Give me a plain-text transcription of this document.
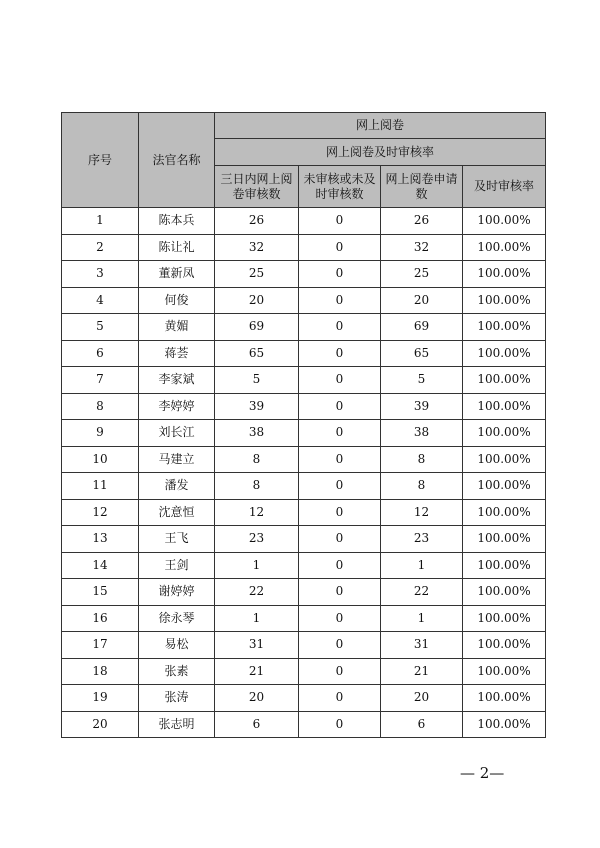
序号	法官名称	网上阅卷			
		网上阅卷及时审核率			
		三日内网上阅卷审核数	未审核或未及时审核数	网上阅卷申请数	及时审核率
1	陈本兵	26	0	26	100.00%
2	陈让礼	32	0	32	100.00%
3	董新凤	25	0	25	100.00%
4	何俊	20	0	20	100.00%
5	黄媚	69	0	69	100.00%
6	蒋荟	65	0	65	100.00%
7	李家斌	5	0	5	100.00%
8	李婷婷	39	0	39	100.00%
9	刘长江	38	0	38	100.00%
10	马建立	8	0	8	100.00%
11	潘发	8	0	8	100.00%
12	沈意恒	12	0	12	100.00%
13	王飞	23	0	23	100.00%
14	王剑	1	0	1	100.00%
15	谢婷婷	22	0	22	100.00%
16	徐永琴	1	0	1	100.00%
17	易松	31	0	31	100.00%
18	张素	21	0	21	100.00%
19	张涛	20	0	20	100.00%
20	张志明	6	0	6	100.00%
— 2—
